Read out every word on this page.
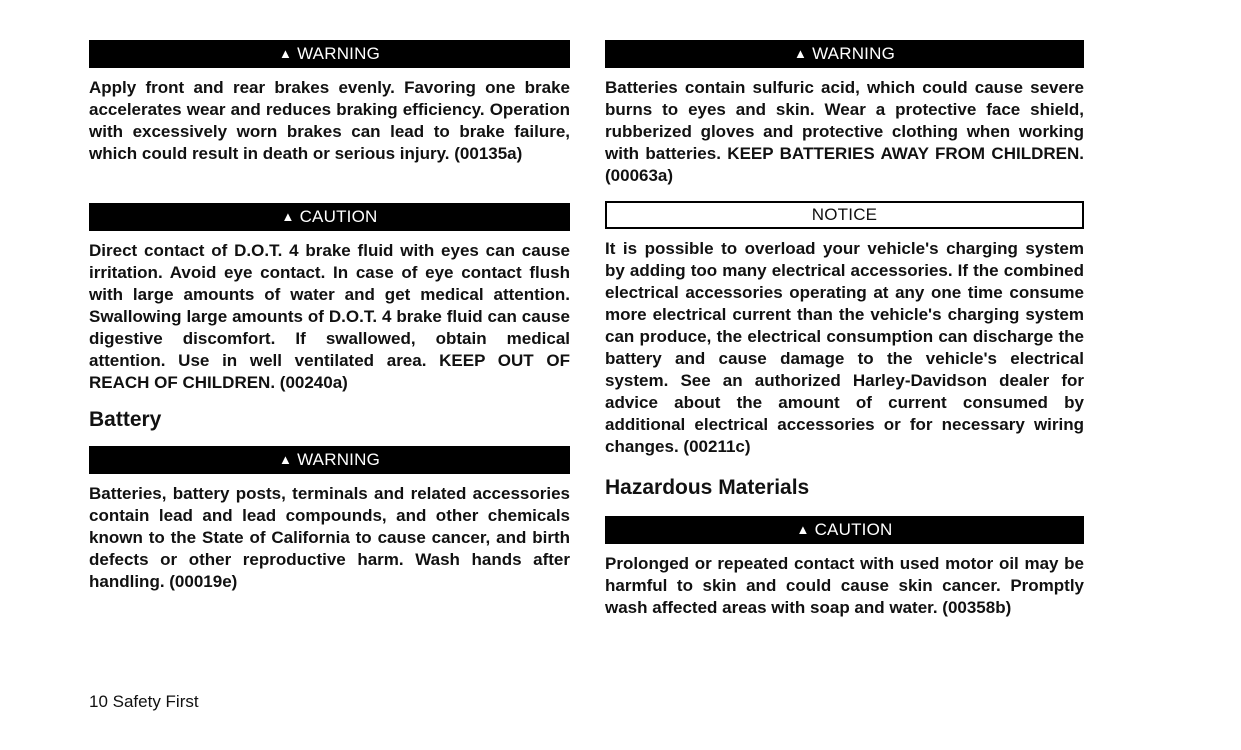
▲ WARNING

Apply front and rear brakes evenly. Favoring one brake accelerates wear and reduces braking efficiency. Operation with excessively worn brakes can lead to brake failure, which could result in death or serious injury. (00135a)

▲ CAUTION

Direct contact of D.O.T. 4 brake fluid with eyes can cause irritation. Avoid eye contact. In case of eye contact flush with large amounts of water and get medical attention. Swallowing large amounts of D.O.T. 4 brake fluid can cause digestive discomfort. If swallowed, obtain medical attention. Use in well ventilated area. KEEP OUT OF REACH OF CHILDREN. (00240a)

Battery
▲ WARNING

Batteries, battery posts, terminals and related accessories contain lead and lead compounds, and other chemicals known to the State of California to cause cancer, and birth defects or other reproductive harm. Wash hands after handling. (00019e)

▲ WARNING

Batteries contain sulfuric acid, which could cause severe burns to eyes and skin. Wear a protective face shield, rubberized gloves and protective clothing when working with batteries. KEEP BATTERIES AWAY FROM CHILDREN. (00063a)

NOTICE

It is possible to overload your vehicle's charging system by adding too many electrical accessories. If the combined electrical accessories operating at any one time consume more electrical current than the vehicle's charging system can produce, the electrical consumption can discharge the battery and cause damage to the vehicle's electrical system. See an authorized Harley-Davidson dealer for advice about the amount of current consumed by additional electrical accessories or for necessary wiring changes. (00211c)

Hazardous Materials
▲ CAUTION

Prolonged or repeated contact with used motor oil may be harmful to skin and could cause skin cancer. Promptly wash affected areas with soap and water. (00358b)

10 Safety First
